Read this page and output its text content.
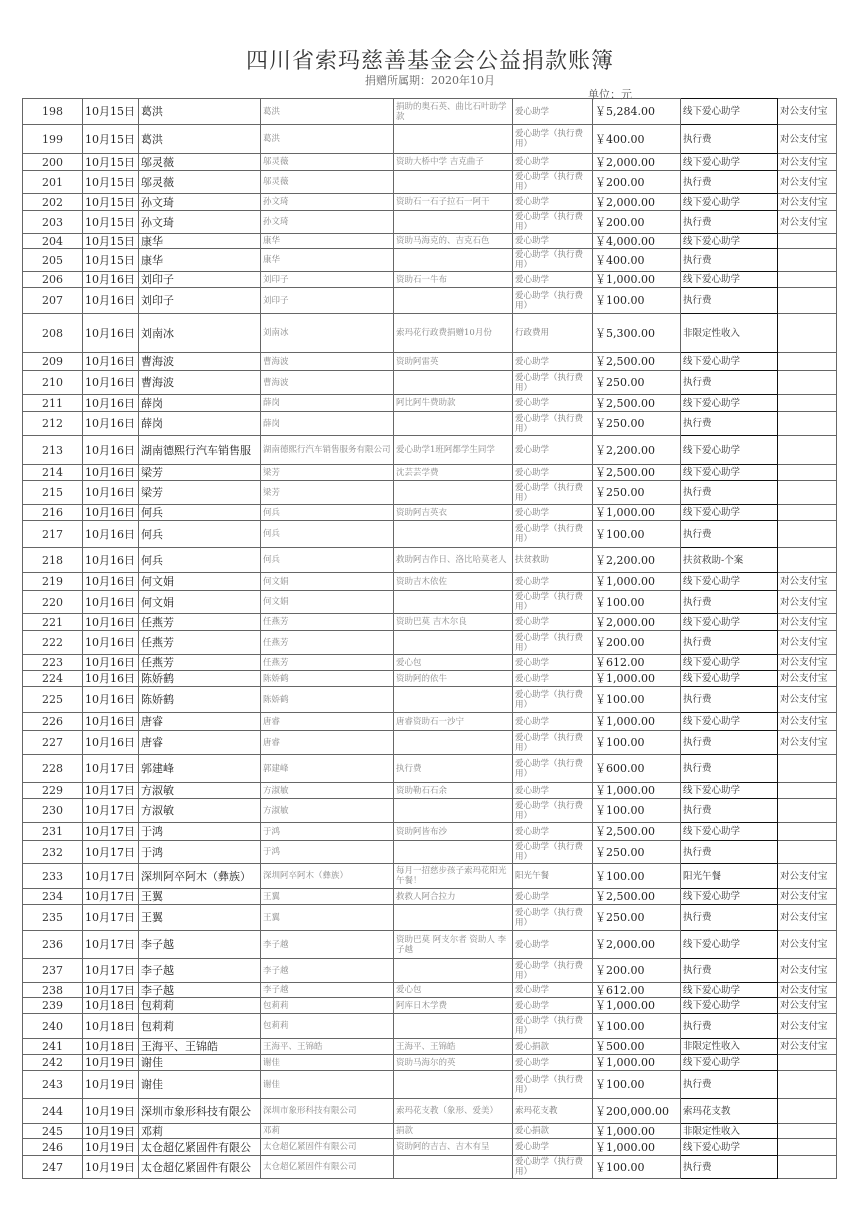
四川省索玛慈善基金会公益捐款账簿
捐赠所属期：2020年10月
单位：元
198	10月15日	葛洪	葛洪	捐助的奥石英、曲比石叶助学款	爱心助学	￥5,284.00	线下爱心助学	对公支付宝
199	10月15日	葛洪	葛洪		爱心助学（执行费用）	￥400.00	执行费	对公支付宝
200	10月15日	邬灵薇	邬灵薇	资助大桥中学 吉克曲子	爱心助学	￥2,000.00	线下爱心助学	对公支付宝
201	10月15日	邬灵薇	邬灵薇		爱心助学（执行费用）	￥200.00	执行费	对公支付宝
202	10月15日	孙文琦	孙文琦	资助石一石子拉石一阿干	爱心助学	￥2,000.00	线下爱心助学	对公支付宝
203	10月15日	孙文琦	孙文琦		爱心助学（执行费用）	￥200.00	执行费	对公支付宝
204	10月15日	康华	康华	资助马海克的、吉克石色	爱心助学	￥4,000.00	线下爱心助学	
205	10月15日	康华	康华		爱心助学（执行费用）	￥400.00	执行费	
206	10月16日	刘印子	刘印子	资助石一牛布	爱心助学	￥1,000.00	线下爱心助学	
207	10月16日	刘印子	刘印子		爱心助学（执行费用）	￥100.00	执行费	
208	10月16日	刘南冰	刘南冰	索玛花行政费捐赠10月份	行政费用	￥5,300.00	非限定性收入	
209	10月16日	曹海波	曹海波	资助阿雷英	爱心助学	￥2,500.00	线下爱心助学	
210	10月16日	曹海波	曹海波		爱心助学（执行费用）	￥250.00	执行费	
211	10月16日	薛岗	薛岗	阿比阿牛费助款	爱心助学	￥2,500.00	线下爱心助学	
212	10月16日	薛岗	薛岗		爱心助学（执行费用）	￥250.00	执行费	
213	10月16日	湖南德熙行汽车销售服	湖南德熙行汽车销售服务有限公司	爱心助学1班阿都学生同学	爱心助学	￥2,200.00	线下爱心助学	
214	10月16日	梁芳	梁芳	沈芸芸学费	爱心助学	￥2,500.00	线下爱心助学	
215	10月16日	梁芳	梁芳		爱心助学（执行费用）	￥250.00	执行费	
216	10月16日	何兵	何兵	资助阿吉英衣	爱心助学	￥1,000.00	线下爱心助学	
217	10月16日	何兵	何兵		爱心助学（执行费用）	￥100.00	执行费	
218	10月16日	何兵	何兵	救助阿吉作日、洛比哈莫老人	扶贫救助	￥2,200.00	扶贫救助-个案	
219	10月16日	何文娟	何文娟	资助吉木依佐	爱心助学	￥1,000.00	线下爱心助学	对公支付宝
220	10月16日	何文娟	何文娟		爱心助学（执行费用）	￥100.00	执行费	对公支付宝
221	10月16日	任燕芳	任燕芳	资助巴莫 吉木尔良	爱心助学	￥2,000.00	线下爱心助学	对公支付宝
222	10月16日	任燕芳	任燕芳		爱心助学（执行费用）	￥200.00	执行费	对公支付宝
223	10月16日	任燕芳	任燕芳	爱心包	爱心助学	￥612.00	线下爱心助学	对公支付宝
224	10月16日	陈娇鹤	陈娇鹤	资助阿的依牛	爱心助学	￥1,000.00	线下爱心助学	对公支付宝
225	10月16日	陈娇鹤	陈娇鹤		爱心助学（执行费用）	￥100.00	执行费	对公支付宝
226	10月16日	唐睿	唐睿	唐睿资助石一沙宁	爱心助学	￥1,000.00	线下爱心助学	对公支付宝
227	10月16日	唐睿	唐睿		爱心助学（执行费用）	￥100.00	执行费	对公支付宝
228	10月17日	郭建峰	郭建峰	执行费	爱心助学（执行费用）	￥600.00	执行费	
229	10月17日	方淑敏	方淑敏	资助勒石石余	爱心助学	￥1,000.00	线下爱心助学	
230	10月17日	方淑敏	方淑敏		爱心助学（执行费用）	￥100.00	执行费	
231	10月17日	于鸿	于鸿	资助阿皆布沙	爱心助学	￥2,500.00	线下爱心助学	
232	10月17日	于鸿	于鸿		爱心助学（执行费用）	￥250.00	执行费	
233	10月17日	深圳阿卒阿木（彝族）	深圳阿卒阿木（彝族）	每月一招慈步孩子索玛花阳光午餐！	阳光午餐	￥100.00	阳光午餐	对公支付宝
234	10月17日	王翼	王翼	救救人阿合拉力	爱心助学	￥2,500.00	线下爱心助学	对公支付宝
235	10月17日	王翼	王翼		爱心助学（执行费用）	￥250.00	执行费	对公支付宝
236	10月17日	李子越	李子越	资助巴莫 阿支尔者 资助人 李子越	爱心助学	￥2,000.00	线下爱心助学	对公支付宝
237	10月17日	李子越	李子越		爱心助学（执行费用）	￥200.00	执行费	对公支付宝
238	10月17日	李子越	李子越	爱心包	爱心助学	￥612.00	线下爱心助学	对公支付宝
239	10月18日	包莉莉	包莉莉	阿库日木学费	爱心助学	￥1,000.00	线下爱心助学	对公支付宝
240	10月18日	包莉莉	包莉莉		爱心助学（执行费用）	￥100.00	执行费	对公支付宝
241	10月18日	王海平、王锦皓	王海平、王锦皓	王海平、王锦皓	爱心捐款	￥500.00	非限定性收入	对公支付宝
242	10月19日	谢佳	谢佳	资助马海尔的英	爱心助学	￥1,000.00	线下爱心助学	
243	10月19日	谢佳	谢佳		爱心助学（执行费用）	￥100.00	执行费	
244	10月19日	深圳市象形科技有限公	深圳市象形科技有限公司	索玛花支教（象形、爱美）	索玛花支教	￥200,000.00	索玛花支教	
245	10月19日	邓莉	邓莉	捐款	爱心捐款	￥1,000.00	非限定性收入	
246	10月19日	太仓超亿紧固件有限公	太仓超亿紧固件有限公司	资助阿的吉吉、吉木有呈	爱心助学	￥1,000.00	线下爱心助学	
247	10月19日	太仓超亿紧固件有限公	太仓超亿紧固件有限公司		爱心助学（执行费用）	￥100.00	执行费	
